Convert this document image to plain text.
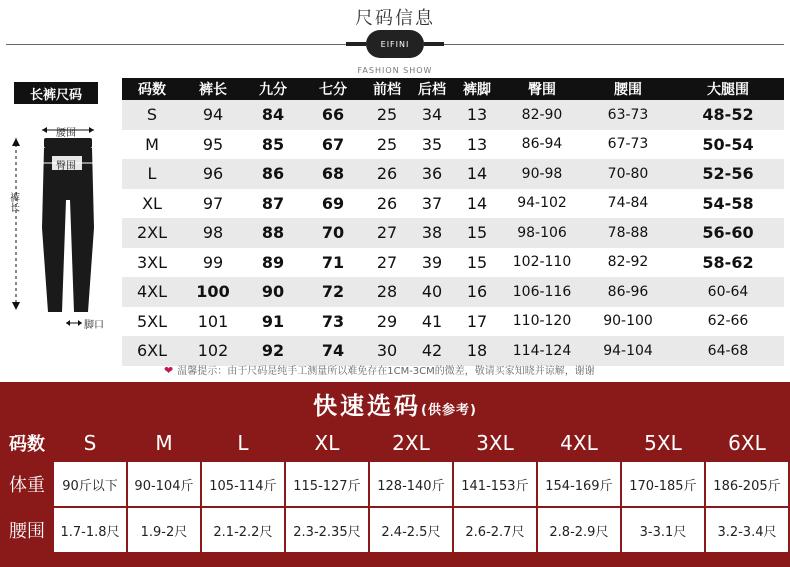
尺码信息
EIFINI
FASHION SHOW
长裤尺码
腰围
臀围
裤长
脚口
码数	裤长	九分	七分	前档	后档	裤脚	臀围	腰围	大腿围
S	94	84	66	25	34	13	82-90	63-73	48-52
M	95	85	67	25	35	13	86-94	67-73	50-54
L	96	86	68	26	36	14	90-98	70-80	52-56
XL	97	87	69	26	37	14	94-102	74-84	54-58
2XL	98	88	70	27	38	15	98-106	78-88	56-60
3XL	99	89	71	27	39	15	102-110	82-92	58-62
4XL	100	90	72	28	40	16	106-116	86-96	60-64
5XL	101	91	73	29	41	17	110-120	90-100	62-66
6XL	102	92	74	30	42	18	114-124	94-104	64-68
❤ 温馨提示：由于尺码是纯手工测量所以难免存在1CM-3CM的微差，敬请买家知晓并谅解，谢谢
快速选码(供参考)
码数	S	M	L	XL	2XL	3XL	4XL	5XL	6XL
体重	90斤以下	90-104斤	105-114斤	115-127斤	128-140斤	141-153斤	154-169斤	170-185斤	186-205斤
腰围	1.7-1.8尺	1.9-2尺	2.1-2.2尺	2.3-2.35尺	2.4-2.5尺	2.6-2.7尺	2.8-2.9尺	3-3.1尺	3.2-3.4尺
